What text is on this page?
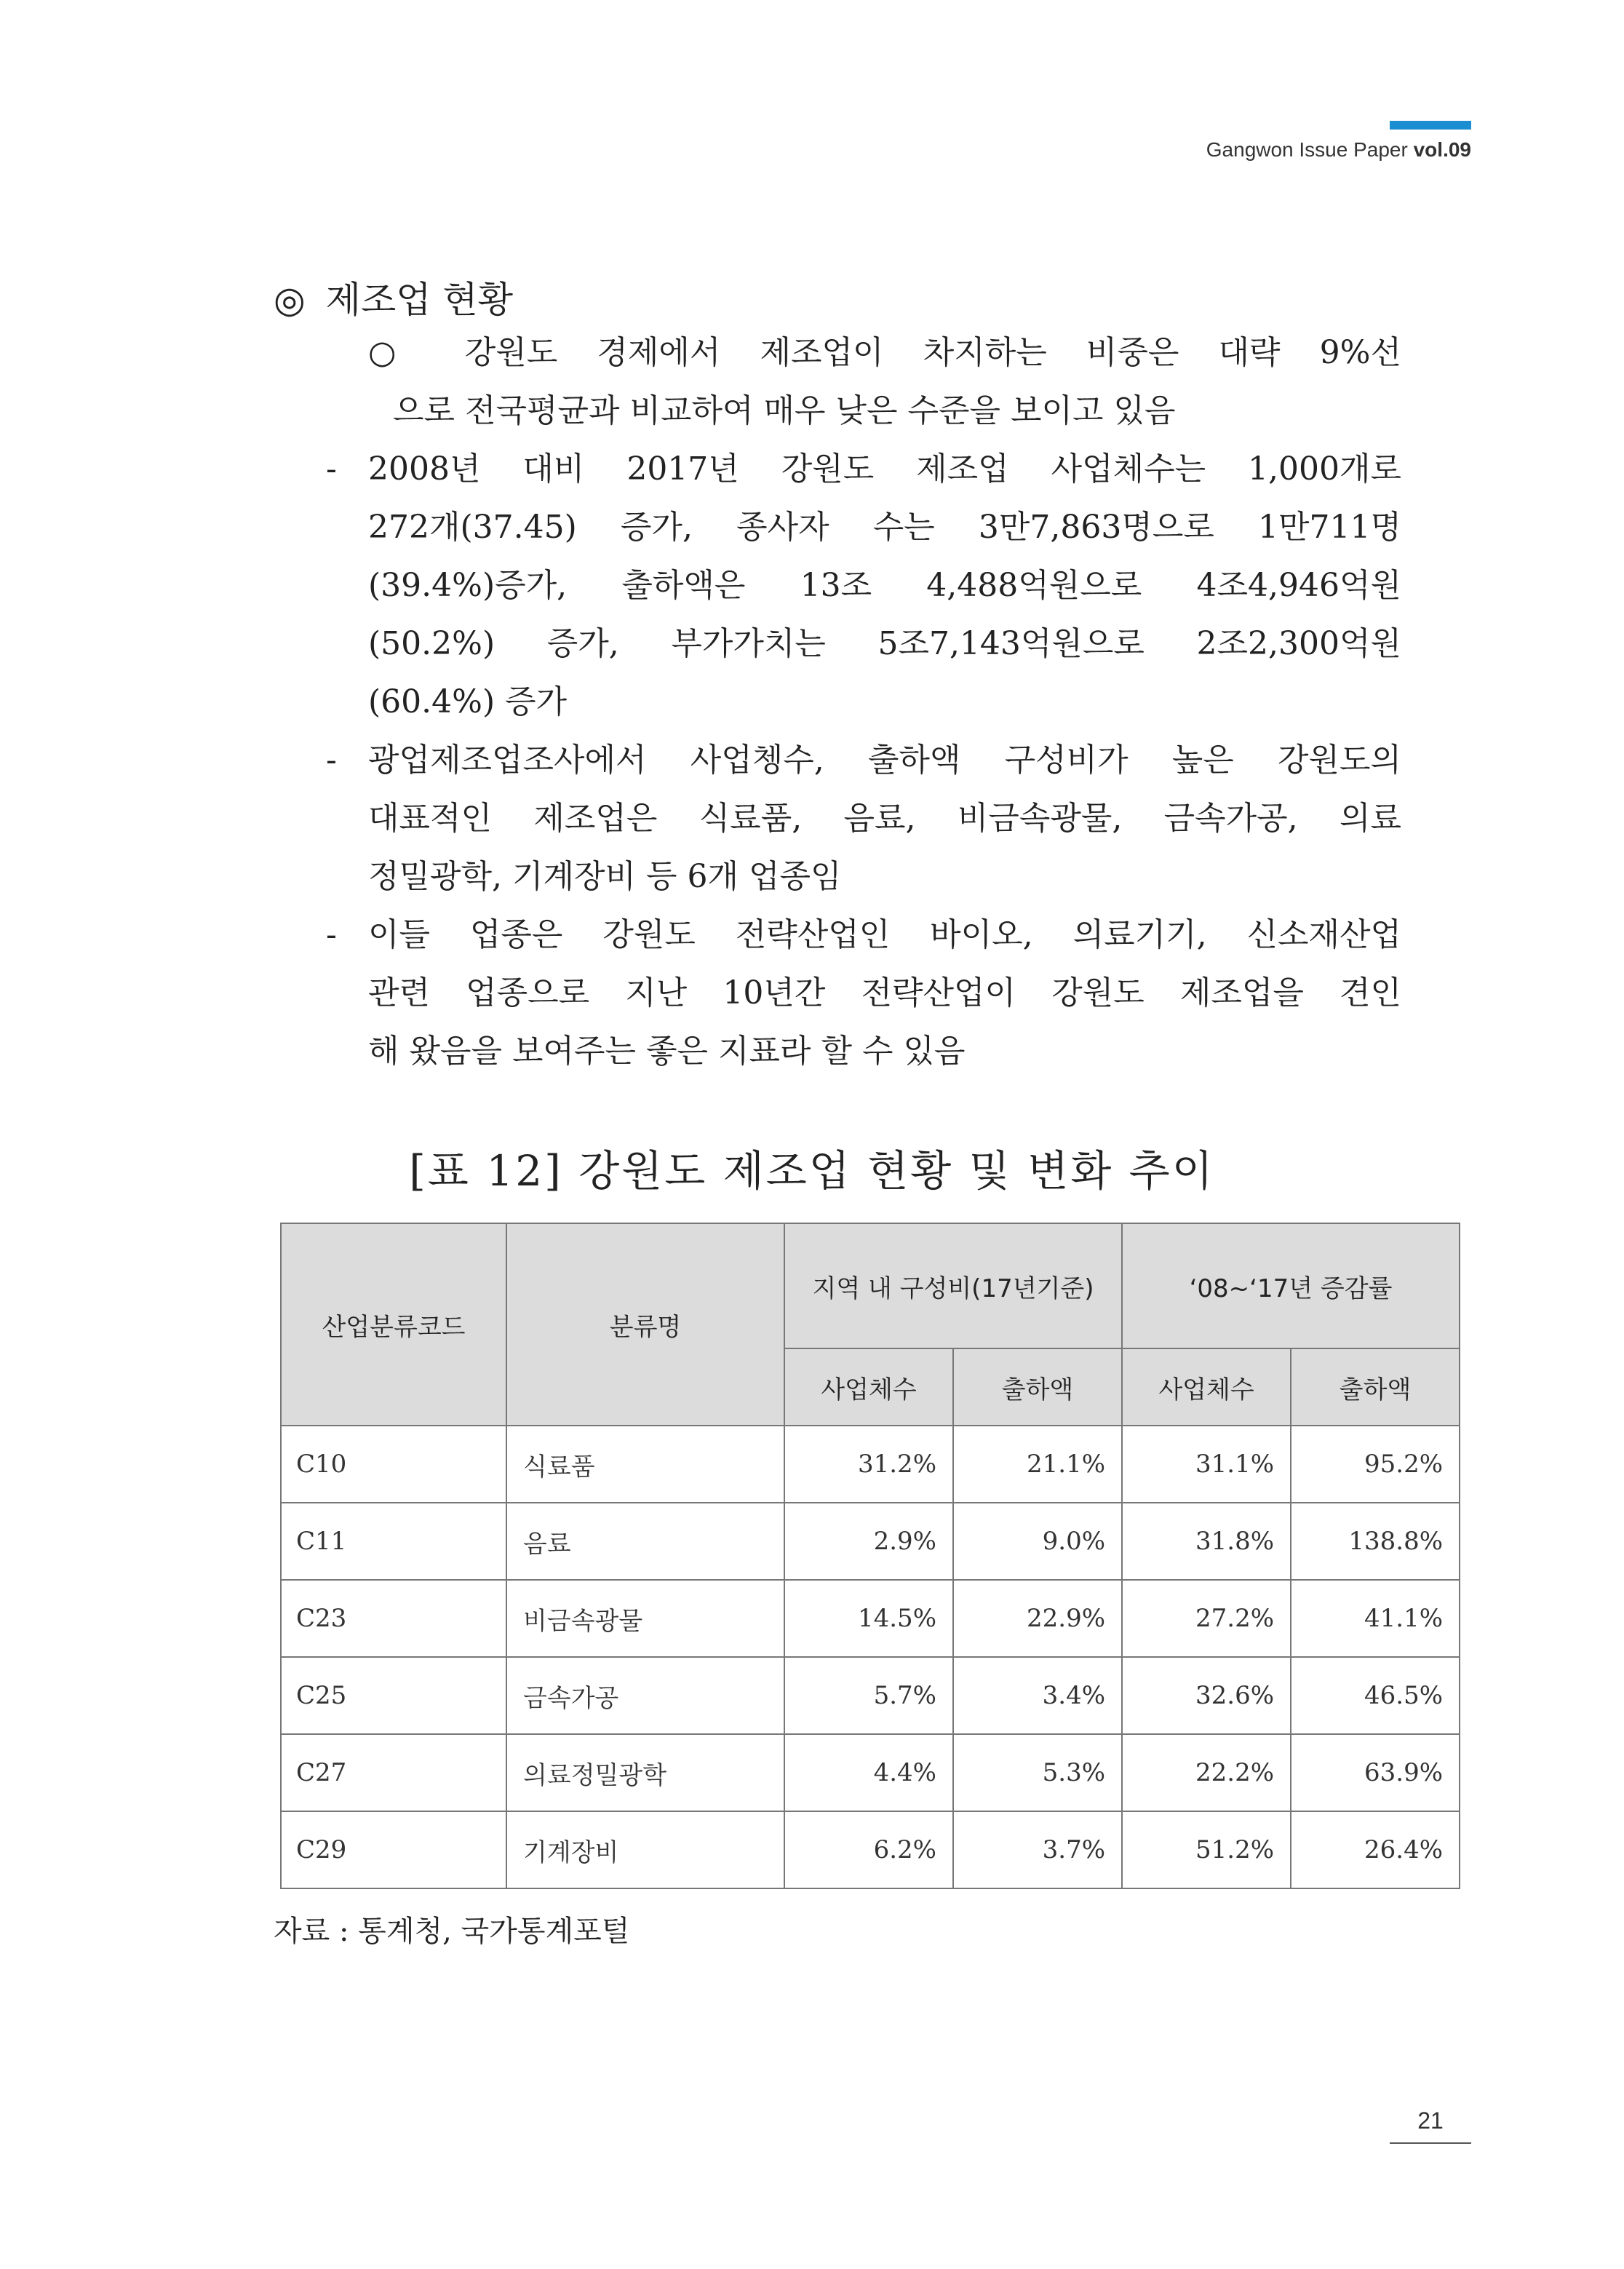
Gangwon Issue Paper vol.09
◎ 제조업 현황
○ 강원도 경제에서 제조업이 차지하는 비중은 대략 9%선
으로 전국평균과 비교하여 매우 낮은 수준을 보이고 있음
- 2008년 대비 2017년 강원도 제조업 사업체수는 1,000개로
272개(37.45) 증가, 종사자 수는 3만7,863명으로 1만711명
(39.4%)증가, 출하액은 13조 4,488억원으로 4조4,946억원
(50.2%) 증가, 부가가치는 5조7,143억원으로 2조2,300억원
(60.4%) 증가
- 광업제조업조사에서 사업쳉수, 출하액 구성비가 높은 강원도의
대표적인 제조업은 식료품, 음료, 비금속광물, 금속가공, 의료
정밀광학, 기계장비 등 6개 업종임
- 이들 업종은 강원도 전략산업인 바이오, 의료기기, 신소재산업
관련 업종으로 지난 10년간 전략산업이 강원도 제조업을 견인
해 왔음을 보여주는 좋은 지표라 할 수 있음
[표 12] 강원도 제조업 현황 및 변화 추이
산업분류코드	분류명	지역 내 구성비(17년기준)		‘08~‘17년 증감률	
		사업체수	출하액	사업체수	출하액
C10	식료품	31.2%	21.1%	31.1%	95.2%
C11	음료	2.9%	9.0%	31.8%	138.8%
C23	비금속광물	14.5%	22.9%	27.2%	41.1%
C25	금속가공	5.7%	3.4%	32.6%	46.5%
C27	의료정밀광학	4.4%	5.3%	22.2%	63.9%
C29	기계장비	6.2%	3.7%	51.2%	26.4%
자료 : 통계청, 국가통계포털
21
